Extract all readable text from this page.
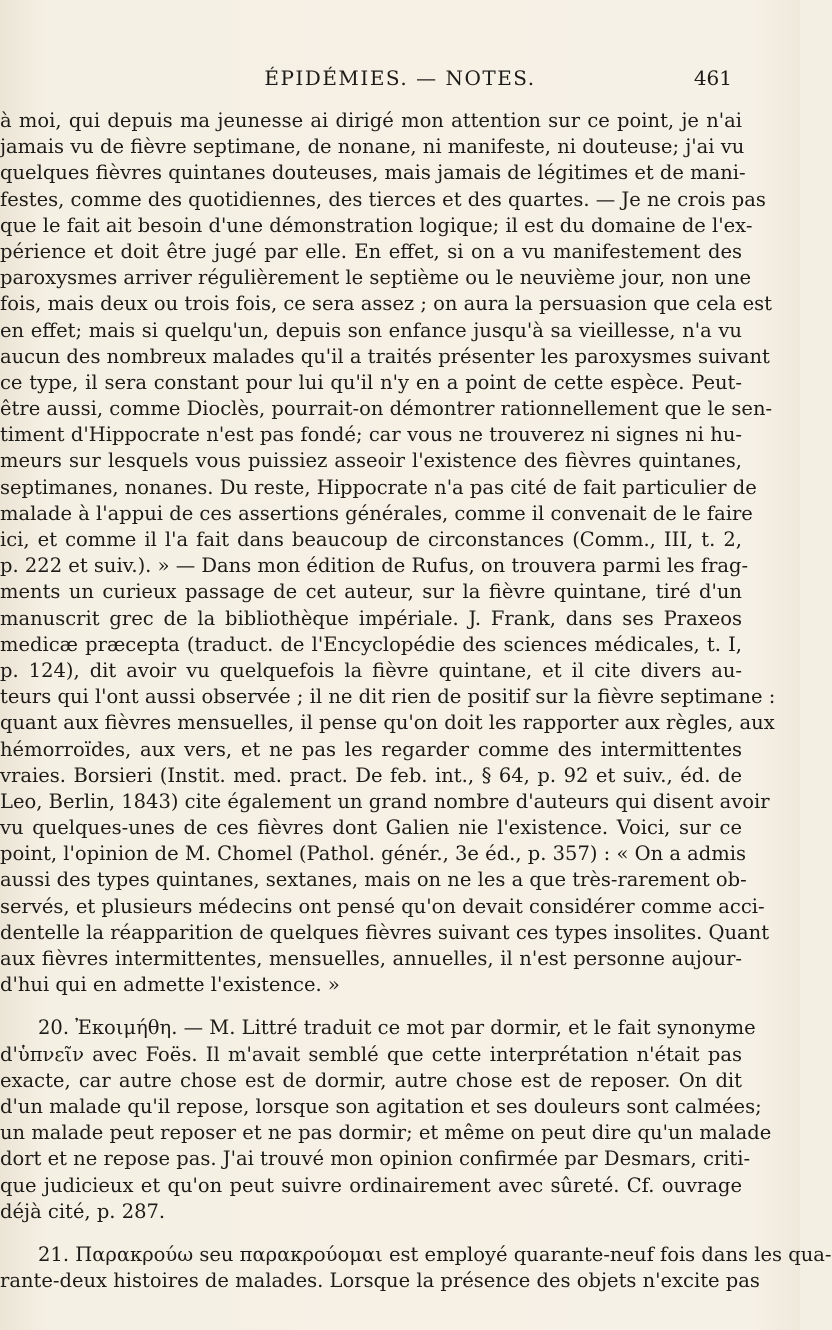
ÉPIDÉMIES. — NOTES.	461
à moi, qui depuis ma jeunesse ai dirigé mon attention sur ce point, je n'ai
jamais vu de fièvre septimane, de nonane, ni manifeste, ni douteuse; j'ai vu
quelques fièvres quintanes douteuses, mais jamais de légitimes et de mani-
festes, comme des quotidiennes, des tierces et des quartes. — Je ne crois pas
que le fait ait besoin d'une démonstration logique; il est du domaine de l'ex-
périence et doit être jugé par elle. En effet, si on a vu manifestement des
paroxysmes arriver régulièrement le septième ou le neuvième jour, non une
fois, mais deux ou trois fois, ce sera assez ; on aura la persuasion que cela est
en effet; mais si quelqu'un, depuis son enfance jusqu'à sa vieillesse, n'a vu
aucun des nombreux malades qu'il a traités présenter les paroxysmes suivant
ce type, il sera constant pour lui qu'il n'y en a point de cette espèce. Peut-
être aussi, comme Dioclès, pourrait-on démontrer rationnellement que le sen-
timent d'Hippocrate n'est pas fondé; car vous ne trouverez ni signes ni hu-
meurs sur lesquels vous puissiez asseoir l'existence des fièvres quintanes,
septimanes, nonanes. Du reste, Hippocrate n'a pas cité de fait particulier de
malade à l'appui de ces assertions générales, comme il convenait de le faire
ici, et comme il l'a fait dans beaucoup de circonstances (Comm., III, t. 2,
p. 222 et suiv.). » — Dans mon édition de Rufus, on trouvera parmi les frag-
ments un curieux passage de cet auteur, sur la fièvre quintane, tiré d'un
manuscrit grec de la bibliothèque impériale. J. Frank, dans ses Praxeos
medicæ præcepta (traduct. de l'Encyclopédie des sciences médicales, t. I,
p. 124), dit avoir vu quelquefois la fièvre quintane, et il cite divers au-
teurs qui l'ont aussi observée ; il ne dit rien de positif sur la fièvre septimane :
quant aux fièvres mensuelles, il pense qu'on doit les rapporter aux règles, aux
hémorroïdes, aux vers, et ne pas les regarder comme des intermittentes
vraies. Borsieri (Instit. med. pract. De feb. int., § 64, p. 92 et suiv., éd. de
Leo, Berlin, 1843) cite également un grand nombre d'auteurs qui disent avoir
vu quelques-unes de ces fièvres dont Galien nie l'existence. Voici, sur ce
point, l'opinion de M. Chomel (Pathol. génér., 3e éd., p. 357) : « On a admis
aussi des types quintanes, sextanes, mais on ne les a que très-rarement ob-
servés, et plusieurs médecins ont pensé qu'on devait considérer comme acci-
dentelle la réapparition de quelques fièvres suivant ces types insolites. Quant
aux fièvres intermittentes, mensuelles, annuelles, il n'est personne aujour-
d'hui qui en admette l'existence. »
20. Ἐκοιμήθη. — M. Littré traduit ce mot par dormir, et le fait synonyme
d'ὑπνεῖν avec Foës. Il m'avait semblé que cette interprétation n'était pas
exacte, car autre chose est de dormir, autre chose est de reposer. On dit
d'un malade qu'il repose, lorsque son agitation et ses douleurs sont calmées;
un malade peut reposer et ne pas dormir; et même on peut dire qu'un malade
dort et ne repose pas. J'ai trouvé mon opinion confirmée par Desmars, criti-
que judicieux et qu'on peut suivre ordinairement avec sûreté. Cf. ouvrage
déjà cité, p. 287.
21. Παρακρούω seu παρακρούομαι est employé quarante-neuf fois dans les qua-
rante-deux histoires de malades. Lorsque la présence des objets n'excite pas
